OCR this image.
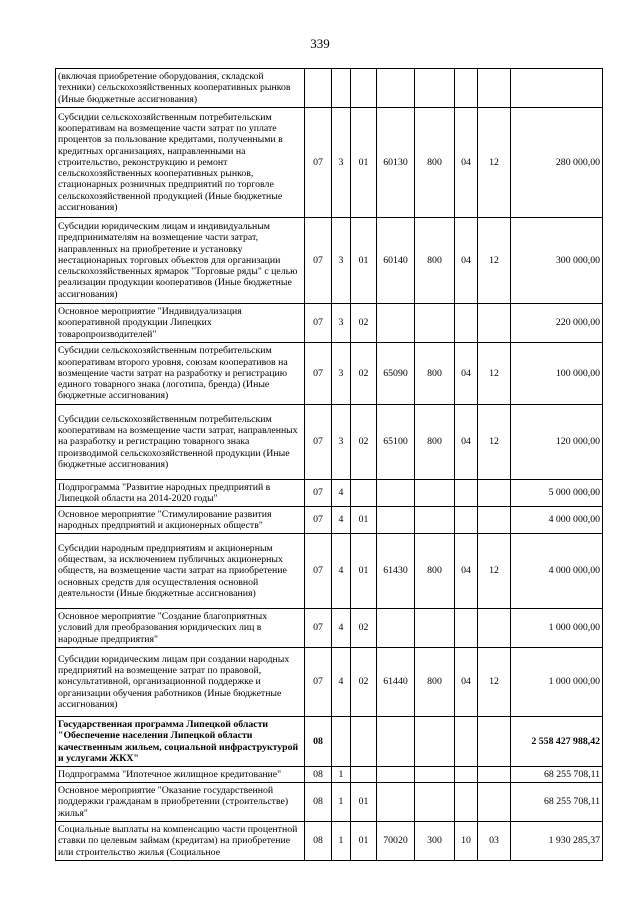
339
(включая приобретение оборудования, складской техники) сельскохозяйственных кооперативных рынков (Иные бюджетные ассигнования)								
Субсидии сельскохозяйственным потребительским кооперативам на возмещение части затрат по уплате процентов за пользование кредитами, полученными в кредитных организациях, направленными на строительство, реконструкцию и ремонт сельскохозяйственных кооперативных рынков, стационарных розничных предприятий по торговле сельскохозяйственной продукцией (Иные бюджетные ассигнования)	07	3	01	60130	800	04	12	280 000,00
Субсидии юридическим лицам и индивидуальным предпринимателям на возмещение части затрат, направленных на приобретение и установку нестационарных торговых объектов для организации сельскохозяйственных ярмарок "Торговые ряды" с целью реализации продукции кооперативов (Иные бюджетные ассигнования)	07	3	01	60140	800	04	12	300 000,00
Основное мероприятие "Индивидуализация кооперативной продукции Липецких товаропроизводителей"	07	3	02					220 000,00
Субсидии сельскохозяйственным потребительским кооперативам второго уровня, союзам кооперативов на возмещение части затрат на разработку и регистрацию единого товарного знака (логотипа, бренда) (Иные бюджетные ассигнования)	07	3	02	65090	800	04	12	100 000,00
Субсидии сельскохозяйственным потребительским кооперативам на возмещение части затрат, направленных на разработку и регистрацию товарного знака производимой сельскохозяйственной продукции (Иные бюджетные ассигнования)	07	3	02	65100	800	04	12	120 000,00
Подпрограмма "Развитие народных предприятий в Липецкой области на 2014-2020 годы"	07	4						5 000 000,00
Основное мероприятие "Стимулирование развития народных предприятий и акционерных обществ"	07	4	01					4 000 000,00
Субсидии народным предприятиям и акционерным обществам, за исключением публичных акционерных обществ, на возмещение части затрат на приобретение основных средств для осуществления основной деятельности (Иные бюджетные ассигнования)	07	4	01	61430	800	04	12	4 000 000,00
Основное мероприятие "Создание благоприятных условий для преобразования юридических лиц в народные предприятия"	07	4	02					1 000 000,00
Субсидии юридическим лицам при создании народных предприятий на возмещение затрат по правовой, консультативной, организационной поддержке и организации обучения работников (Иные бюджетные ассигнования)	07	4	02	61440	800	04	12	1 000 000,00
Государственная программа Липецкой области "Обеспечение населения Липецкой области качественным жильем, социальной инфраструктурой и услугами ЖКХ"	08							2 558 427 988,42
Подпрограмма "Ипотечное жилищное кредитование"	08	1						68 255 708,11
Основное мероприятие "Оказание государственной поддержки гражданам в приобретении (строительстве) жилья"	08	1	01					68 255 708,11
Социальные выплаты на компенсацию части процентной ставки по целевым займам (кредитам) на приобретение или строительство жилья (Социальное	08	1	01	70020	300	10	03	1 930 285,37
